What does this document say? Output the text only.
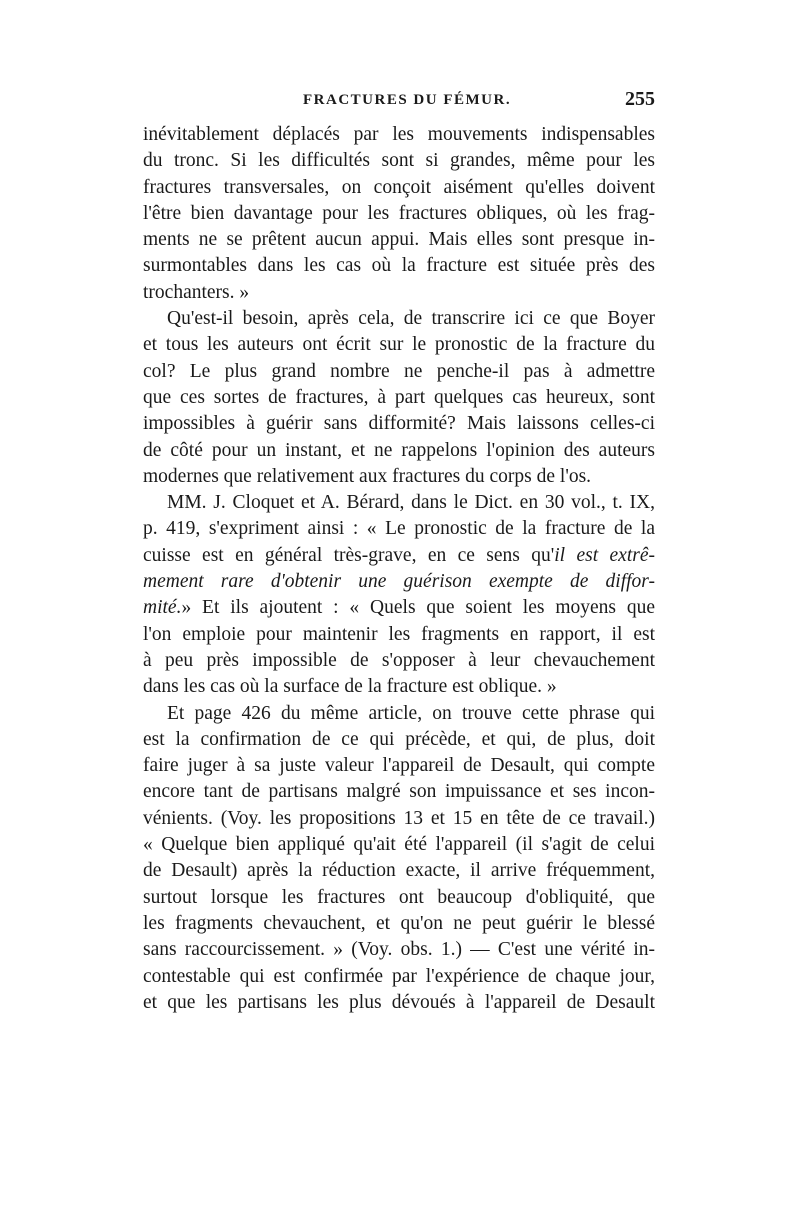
FRACTURES DU FÉMUR.	255
inévitablement déplacés par les mouvements indispensables
du tronc. Si les difficultés sont si grandes, même pour les
fractures transversales, on conçoit aisément qu'elles doivent
l'être bien davantage pour les fractures obliques, où les frag-
ments ne se prêtent aucun appui. Mais elles sont presque in-
surmontables dans les cas où la fracture est située près des
trochanters. »
Qu'est-il besoin, après cela, de transcrire ici ce que Boyer
et tous les auteurs ont écrit sur le pronostic de la fracture du
col? Le plus grand nombre ne penche-il pas à admettre
que ces sortes de fractures, à part quelques cas heureux, sont
impossibles à guérir sans difformité? Mais laissons celles-ci
de côté pour un instant, et ne rappelons l'opinion des auteurs
modernes que relativement aux fractures du corps de l'os.
MM. J. Cloquet et A. Bérard, dans le Dict. en 30 vol., t. IX,
p. 419, s'expriment ainsi : « Le pronostic de la fracture de la
cuisse est en général très-grave, en ce sens qu'il est extrê-
mement rare d'obtenir une guérison exempte de diffor-
mité.» Et ils ajoutent : « Quels que soient les moyens que
l'on emploie pour maintenir les fragments en rapport, il est
à peu près impossible de s'opposer à leur chevauchement
dans les cas où la surface de la fracture est oblique. »
Et page 426 du même article, on trouve cette phrase qui
est la confirmation de ce qui précède, et qui, de plus, doit
faire juger à sa juste valeur l'appareil de Desault, qui compte
encore tant de partisans malgré son impuissance et ses incon-
vénients. (Voy. les propositions 13 et 15 en tête de ce travail.)
« Quelque bien appliqué qu'ait été l'appareil (il s'agit de celui
de Desault) après la réduction exacte, il arrive fréquemment,
surtout lorsque les fractures ont beaucoup d'obliquité, que
les fragments chevauchent, et qu'on ne peut guérir le blessé
sans raccourcissement. » (Voy. obs. 1.) — C'est une vérité in-
contestable qui est confirmée par l'expérience de chaque jour,
et que les partisans les plus dévoués à l'appareil de Desault
